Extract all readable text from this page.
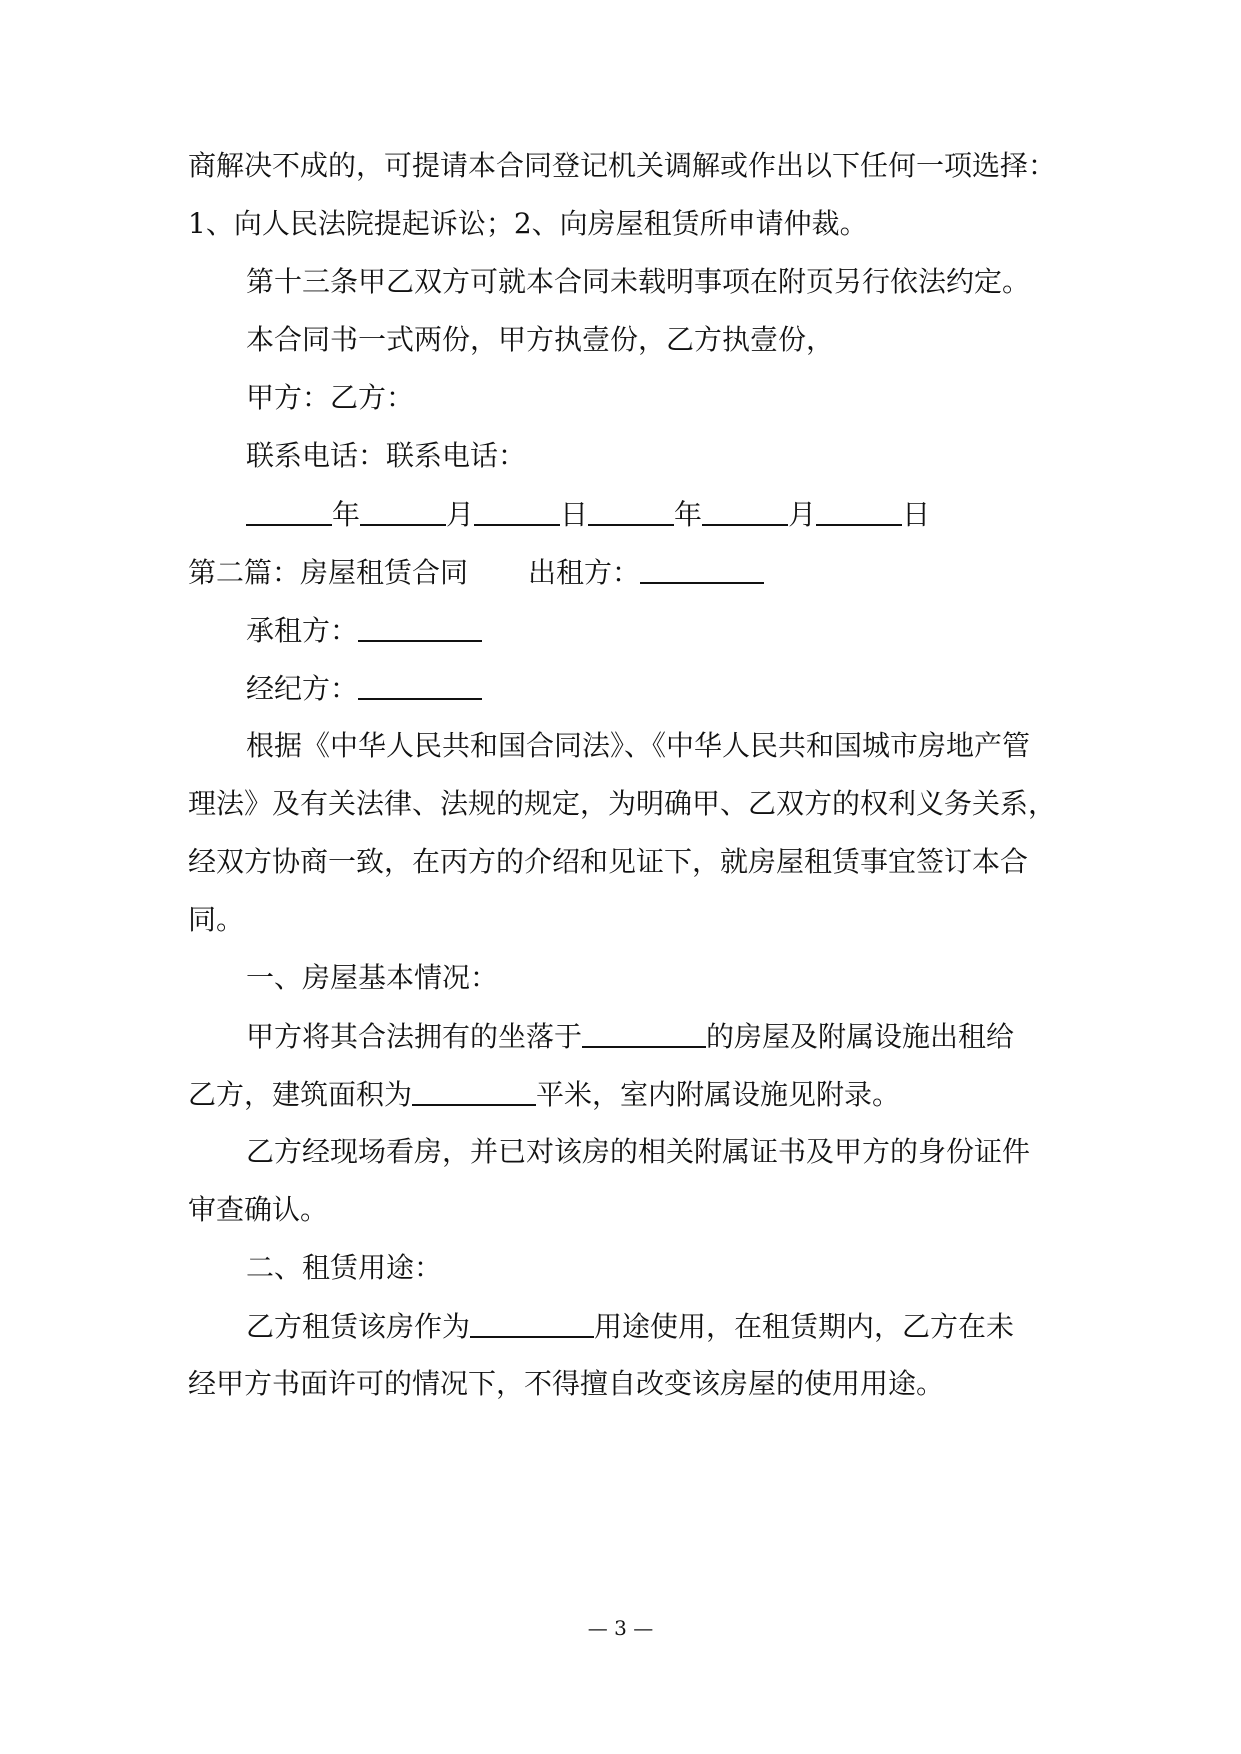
商解决不成的，可提请本合同登记机关调解或作出以下任何一项选择：
1、向人民法院提起诉讼；2、向房屋租赁所申请仲裁。
第十三条甲乙双方可就本合同未载明事项在附页另行依法约定。
本合同书一式两份，甲方执壹份，乙方执壹份，
甲方：乙方：
联系电话：联系电话：
年	月	日	年	月	日
第二篇：房屋租赁合同 出租方：
承租方：
经纪方：
根据《中华人民共和国合同法》、《中华人民共和国城市房地产管
理法》及有关法律、法规的规定，为明确甲、乙双方的权利义务关系，
经双方协商一致，在丙方的介绍和见证下，就房屋租赁事宜签订本合
同。
一、房屋基本情况：
甲方将其合法拥有的坐落于	的房屋及附属设施出租给
乙方，建筑面积为	平米，室内附属设施见附录。
乙方经现场看房，并已对该房的相关附属证书及甲方的身份证件
审查确认。
二、租赁用途：
乙方租赁该房作为	用途使用，在租赁期内，乙方在未
经甲方书面许可的情况下，不得擅自改变该房屋的使用用途。
— 3 —
